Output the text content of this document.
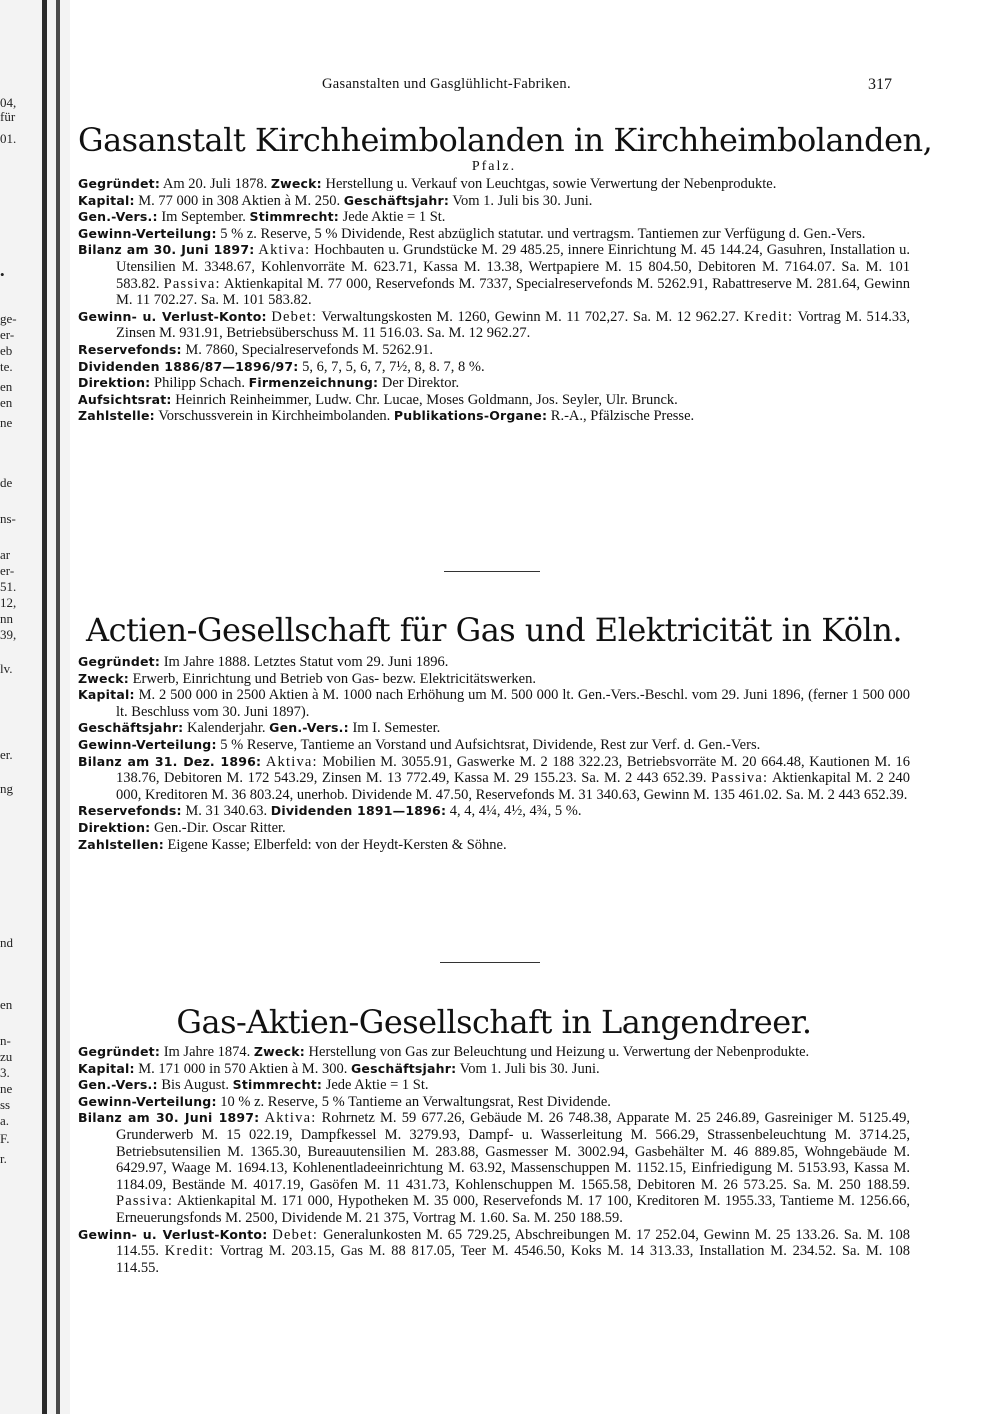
04,
für
01.
•
ge-
er-
eb
te.
en
en
ne
de
ns-
ar
er-
51.
12,
nn
39,
lv.
er.
ng
nd
en
n-
zu
3.
ne
ss
a.
F.
r.
Gasanstalten und Gasglühlicht-Fabriken.	317
Gasanstalt Kirchheimbolanden in Kirchheimbolanden,
Pfalz.

Gegründet: Am 20. Juli 1878. Zweck: Herstellung u. Verkauf von Leuchtgas, sowie Verwertung der Nebenprodukte.

Kapital: M. 77 000 in 308 Aktien à M. 250. Geschäftsjahr: Vom 1. Juli bis 30. Juni.

Gen.-Vers.: Im September. Stimmrecht: Jede Aktie = 1 St.

Gewinn-Verteilung: 5 % z. Reserve, 5 % Dividende, Rest abzüglich statutar. und vertragsm. Tantiemen zur Verfügung d. Gen.-Vers.

Bilanz am 30. Juni 1897: Aktiva: Hochbauten u. Grundstücke M. 29 485.25, innere Einrichtung M. 45 144.24, Gasuhren, Installation u. Utensilien M. 3348.67, Kohlenvorräte M. 623.71, Kassa M. 13.38, Wertpapiere M. 15 804.50, Debitoren M. 7164.07. Sa. M. 101 583.82. Passiva: Aktienkapital M. 77 000, Reservefonds M. 7337, Specialreservefonds M. 5262.91, Rabattreserve M. 281.64, Gewinn M. 11 702.27. Sa. M. 101 583.82.

Gewinn- u. Verlust-Konto: Debet: Verwaltungskosten M. 1260, Gewinn M. 11 702,27. Sa. M. 12 962.27. Kredit: Vortrag M. 514.33, Zinsen M. 931.91, Betriebsüberschuss M. 11 516.03. Sa. M. 12 962.27.

Reservefonds: M. 7860, Specialreservefonds M. 5262.91.

Dividenden 1886/87—1896/97: 5, 6, 7, 5, 6, 7, 7½, 8, 8. 7, 8 %.

Direktion: Philipp Schach. Firmenzeichnung: Der Direktor.

Aufsichtsrat: Heinrich Reinheimmer, Ludw. Chr. Lucae, Moses Goldmann, Jos. Seyler, Ulr. Brunck.

Zahlstelle: Vorschussverein in Kirchheimbolanden. Publikations-Organe: R.-A., Pfälzische Presse.

Actien-Gesellschaft für Gas und Elektricität in Köln.

Gegründet: Im Jahre 1888. Letztes Statut vom 29. Juni 1896.

Zweck: Erwerb, Einrichtung und Betrieb von Gas- bezw. Elektricitätswerken.

Kapital: M. 2 500 000 in 2500 Aktien à M. 1000 nach Erhöhung um M. 500 000 lt. Gen.-Vers.-Beschl. vom 29. Juni 1896, (ferner 1 500 000 lt. Beschluss vom 30. Juni 1897).

Geschäftsjahr: Kalenderjahr. Gen.-Vers.: Im I. Semester.

Gewinn-Verteilung: 5 % Reserve, Tantieme an Vorstand und Aufsichtsrat, Dividende, Rest zur Verf. d. Gen.-Vers.

Bilanz am 31. Dez. 1896: Aktiva: Mobilien M. 3055.91, Gaswerke M. 2 188 322.23, Betriebsvorräte M. 20 664.48, Kautionen M. 16 138.76, Debitoren M. 172 543.29, Zinsen M. 13 772.49, Kassa M. 29 155.23. Sa. M. 2 443 652.39. Passiva: Aktienkapital M. 2 240 000, Kreditoren M. 36 803.24, unerhob. Dividende M. 47.50, Reservefonds M. 31 340.63, Gewinn M. 135 461.02. Sa. M. 2 443 652.39.

Reservefonds: M. 31 340.63. Dividenden 1891—1896: 4, 4, 4¼, 4½, 4¾, 5 %.

Direktion: Gen.-Dir. Oscar Ritter.

Zahlstellen: Eigene Kasse; Elberfeld: von der Heydt-Kersten & Söhne.

Gas-Aktien-Gesellschaft in Langendreer.

Gegründet: Im Jahre 1874. Zweck: Herstellung von Gas zur Beleuchtung und Heizung u. Verwertung der Nebenprodukte.

Kapital: M. 171 000 in 570 Aktien à M. 300. Geschäftsjahr: Vom 1. Juli bis 30. Juni.

Gen.-Vers.: Bis August. Stimmrecht: Jede Aktie = 1 St.

Gewinn-Verteilung: 10 % z. Reserve, 5 % Tantieme an Verwaltungsrat, Rest Dividende.

Bilanz am 30. Juni 1897: Aktiva: Rohrnetz M. 59 677.26, Gebäude M. 26 748.38, Apparate M. 25 246.89, Gasreiniger M. 5125.49, Grunderwerb M. 15 022.19, Dampfkessel M. 3279.93, Dampf- u. Wasserleitung M. 566.29, Strassenbeleuchtung M. 3714.25, Betriebsutensilien M. 1365.30, Bureauutensilien M. 283.88, Gasmesser M. 3002.94, Gasbehälter M. 46 889.85, Wohngebäude M. 6429.97, Waage M. 1694.13, Kohlenentladeeinrichtung M. 63.92, Massenschuppen M. 1152.15, Einfriedigung M. 5153.93, Kassa M. 1184.09, Bestände M. 4017.19, Gasöfen M. 11 431.73, Kohlenschuppen M. 1565.58, Debitoren M. 26 573.25. Sa. M. 250 188.59. Passiva: Aktienkapital M. 171 000, Hypotheken M. 35 000, Reservefonds M. 17 100, Kreditoren M. 1955.33, Tantieme M. 1256.66, Erneuerungsfonds M. 2500, Dividende M. 21 375, Vortrag M. 1.60. Sa. M. 250 188.59.

Gewinn- u. Verlust-Konto: Debet: Generalunkosten M. 65 729.25, Abschreibungen M. 17 252.04, Gewinn M. 25 133.26. Sa. M. 108 114.55. Kredit: Vortrag M. 203.15, Gas M. 88 817.05, Teer M. 4546.50, Koks M. 14 313.33, Installation M. 234.52. Sa. M. 108 114.55.
